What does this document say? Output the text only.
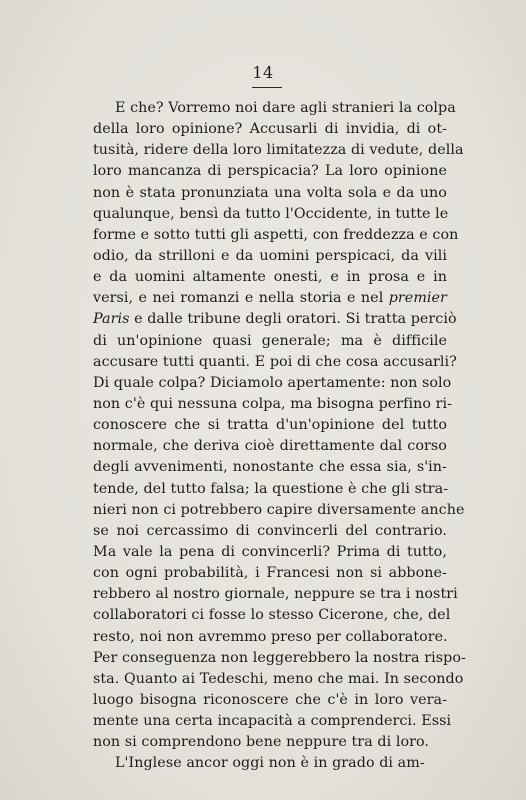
14
E che? Vorremo noi dare agli stranieri la colpa
della loro opinione? Accusarli di invidia, di ot-
tusità, ridere della loro limitatezza di vedute, della
loro mancanza di perspicacia? La loro opinione
non è stata pronunziata una volta sola e da uno
qualunque, bensì da tutto l'Occidente, in tutte le
forme e sotto tutti gli aspetti, con freddezza e con
odio, da strilloni e da uomini perspicaci, da vili
e da uomini altamente onesti, e in prosa e in
versi, e nei romanzi e nella storia e nel premier
Paris e dalle tribune degli oratori. Si tratta perciò
di un'opinione quasi generale; ma è difficile
accusare tutti quanti. E poi di che cosa accusarli?
Di quale colpa? Diciamolo apertamente: non solo
non c'è qui nessuna colpa, ma bisogna perfino ri-
conoscere che si tratta d'un'opinione del tutto
normale, che deriva cioè direttamente dal corso
degli avvenimenti, nonostante che essa sia, s'in-
tende, del tutto falsa; la questione è che gli stra-
nieri non ci potrebbero capire diversamente anche
se noi cercassimo di convincerli del contrario.
Ma vale la pena di convincerli? Prima di tutto,
con ogni probabilità, i Francesi non si abbone-
rebbero al nostro giornale, neppure se tra i nostri
collaboratori ci fosse lo stesso Cicerone, che, del
resto, noi non avremmo preso per collaboratore.
Per conseguenza non leggerebbero la nostra rispo-
sta. Quanto ai Tedeschi, meno che mai. In secondo
luogo bisogna riconoscere che c'è in loro vera-
mente una certa incapacità a comprenderci. Essi
non si comprendono bene neppure tra di loro.
L'Inglese ancor oggi non è in grado di am-
